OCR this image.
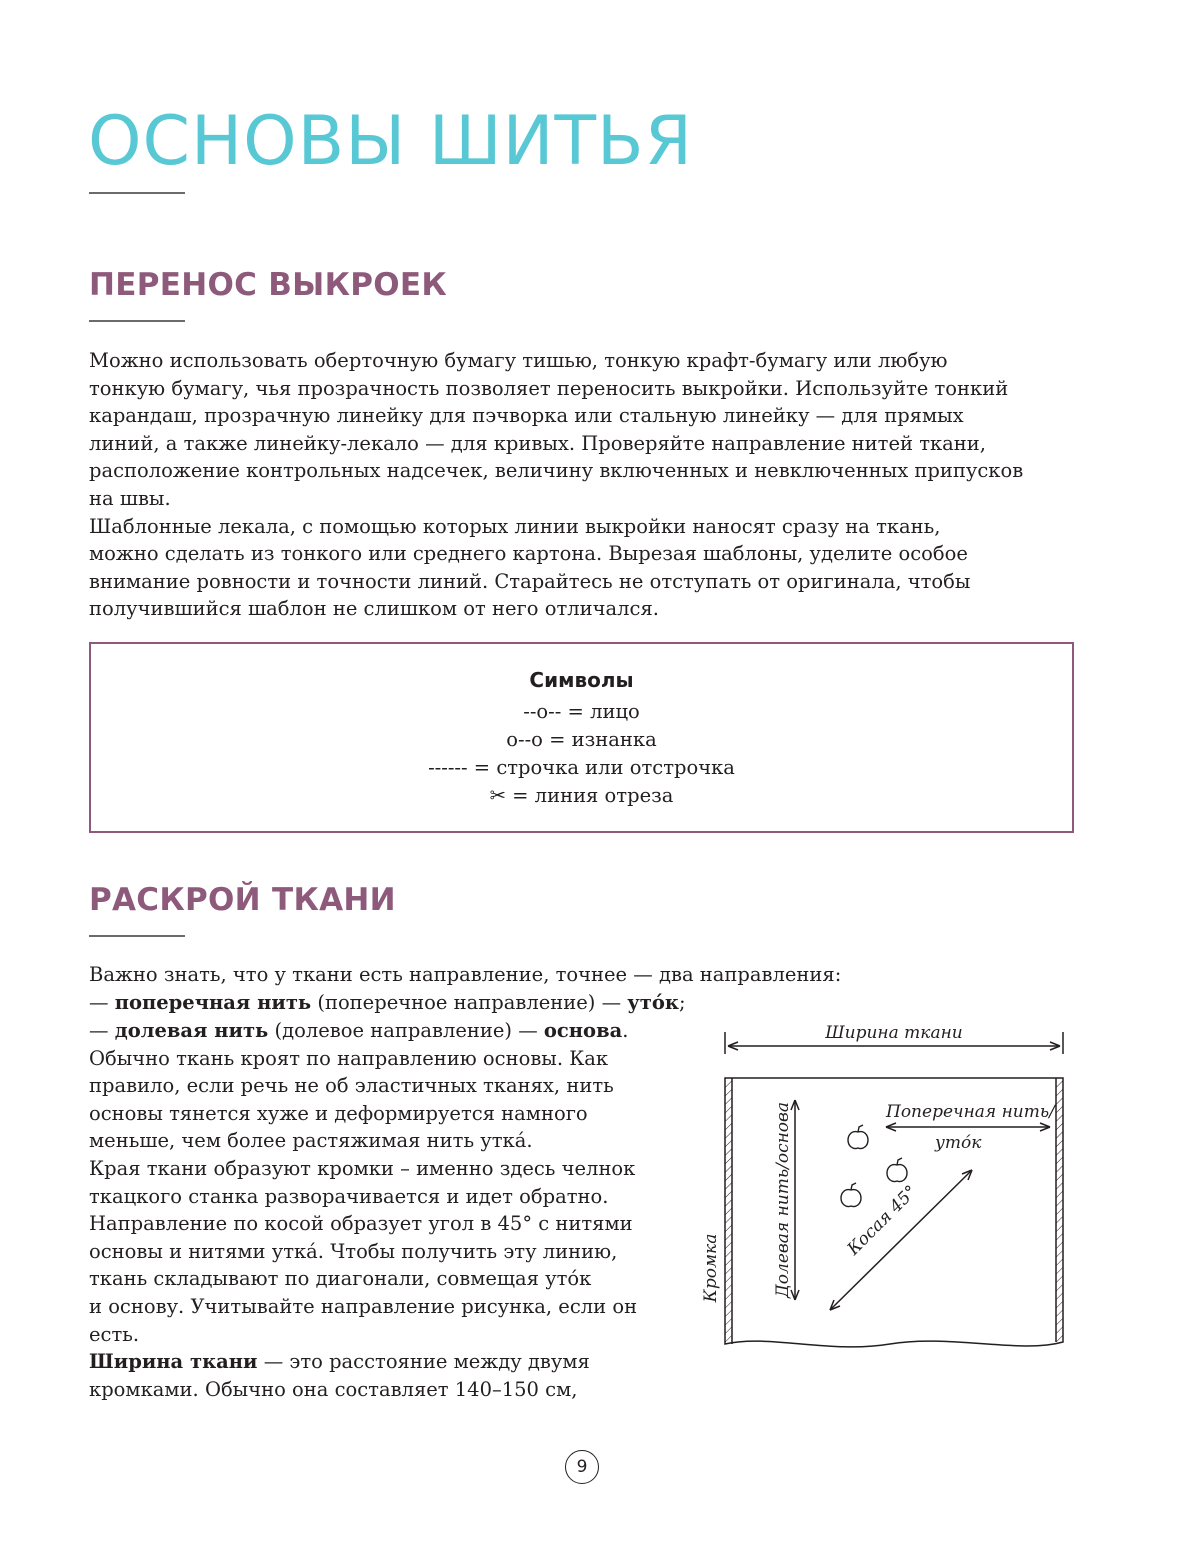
ОСНОВЫ ШИТЬЯ
ПЕРЕНОС ВЫКРОЕК

Можно использовать оберточную бумагу тишью, тонкую крафт-бумагу или любую

тонкую бумагу, чья прозрачность позволяет переносить выкройки. Используйте тонкий

карандаш, прозрачную линейку для пэчворка или стальную линейку — для прямых

линий, а также линейку-лекало — для кривых. Проверяйте направление нитей ткани,

расположение контрольных надсечек, величину включенных и невключенных припусков

на швы.

Шаблонные лекала, с помощью которых линии выкройки наносят сразу на ткань,

можно сделать из тонкого или среднего картона. Вырезая шаблоны, уделите особое

внимание ровности и точности линий. Старайтесь не отступать от оригинала, чтобы

получившийся шаблон не слишком от него отличался.

Символы
--о-- = лицо
о--о = изнанка
------ = строчка или отстрочка
✂ = линия отреза
РАСКРОЙ ТКАНИ

Важно знать, что у ткани есть направление, точнее — два направления:

— поперечная нить (поперечное направление) — уто́к;

— долевая нить (долевое направление) — основа.

Обычно ткань кроят по направлению основы. Как

правило, если речь не об эластичных тканях, нить

основы тянется хуже и деформируется намного

меньше, чем более растяжимая нить утка́.

Края ткани образуют кромки – именно здесь челнок

ткацкого станка разворачивается и идет обратно.

Направление по косой образует угол в 45° с нитями

основы и нитями утка́. Чтобы получить эту линию,

ткань складывают по диагонали, совмещая уто́к

и основу. Учитывайте направление рисунка, если он

есть.

Ширина ткани — это расстояние между двумя

кромками. Обычно она составляет 140–150 см,

Ширина ткани
Поперечная нить/
уто́к
Кромка	Долевая нить/основа	Косая 45°
9
